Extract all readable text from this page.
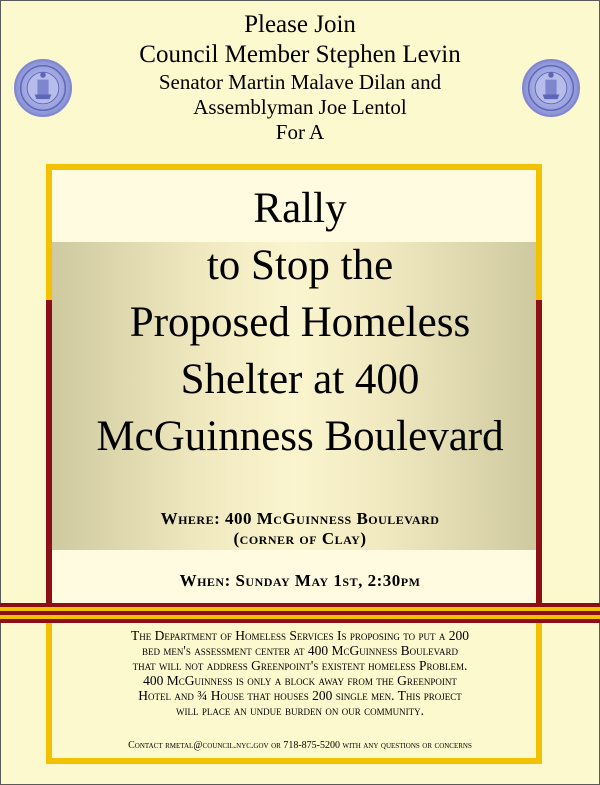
Please Join
Council Member Stephen Levin
Senator Martin Malave Dilan and
Assemblyman Joe Lentol
For A
Rally
to Stop the
Proposed Homeless
Shelter at 400
McGuinness Boulevard
Where: 400 McGuinness Boulevard
(corner of Clay)
When: Sunday May 1st, 2:30pm
The Department of Homeless Services Is proposing to put a 200
bed men's assessment center at 400 McGuinness Boulevard
that will not address Greenpoint's existent homeless Problem.
400 McGuinness is only a block away from the Greenpoint
Hotel and ¾ House that houses 200 single men. This project
will place an undue burden on our community.
Contact rmetal@council.nyc.gov or 718-875-5200 with any questions or concerns
